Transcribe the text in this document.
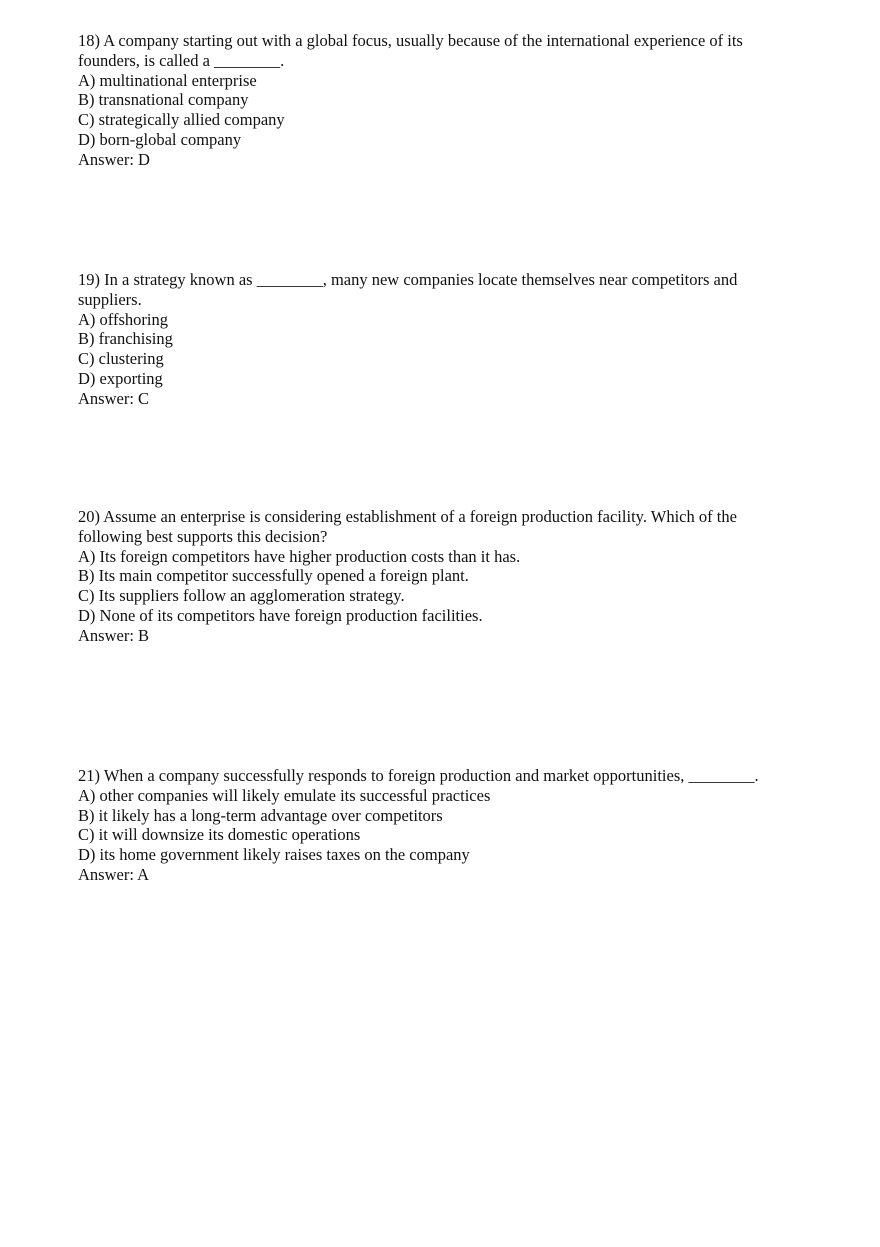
18) A company starting out with a global focus, usually because of the international experience of its
founders, is called a ________.
A) multinational enterprise
B) transnational company
C) strategically allied company
D) born-global company
Answer: D
19) In a strategy known as ________, many new companies locate themselves near competitors and
suppliers.
A) offshoring
B) franchising
C) clustering
D) exporting
Answer: C
20) Assume an enterprise is considering establishment of a foreign production facility. Which of the
following best supports this decision?
A) Its foreign competitors have higher production costs than it has.
B) Its main competitor successfully opened a foreign plant.
C) Its suppliers follow an agglomeration strategy.
D) None of its competitors have foreign production facilities.
Answer: B
21) When a company successfully responds to foreign production and market opportunities, ________.
A) other companies will likely emulate its successful practices
B) it likely has a long-term advantage over competitors
C) it will downsize its domestic operations
D) its home government likely raises taxes on the company
Answer: A
